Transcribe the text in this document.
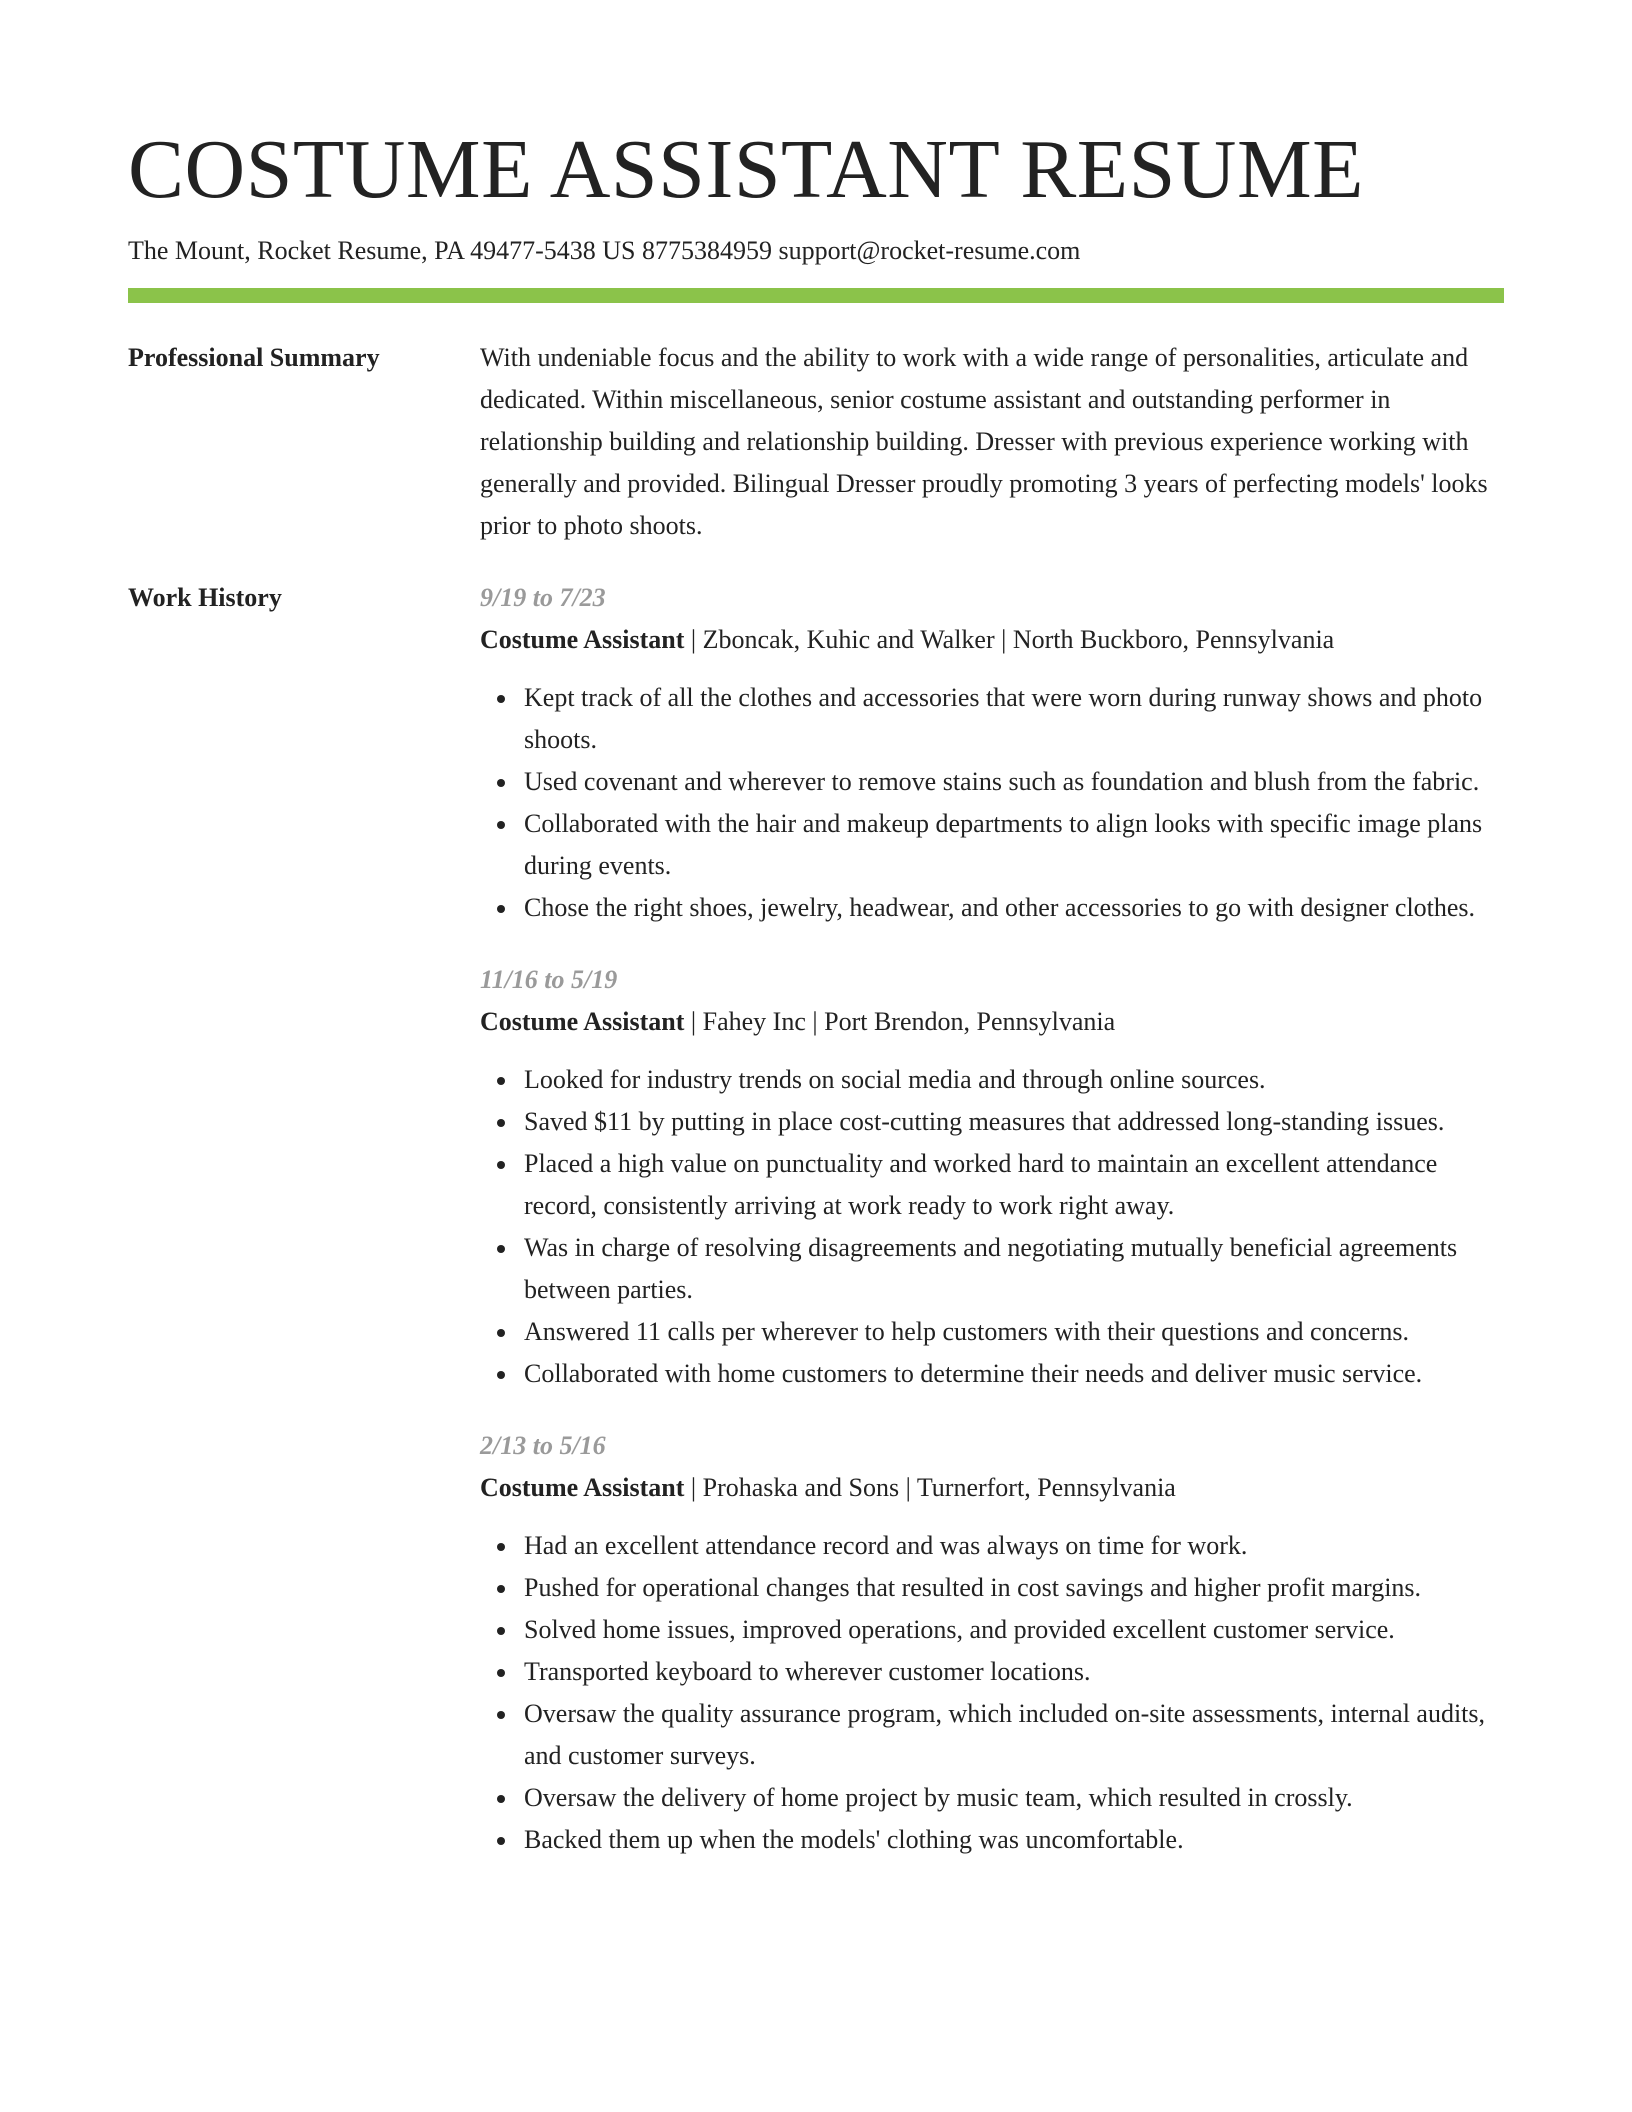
COSTUME ASSISTANT RESUME
The Mount, Rocket Resume, PA 49477-5438 US 8775384959 support@rocket-resume.com
Professional Summary	With undeniable focus and the ability to work with a wide range of personalities, articulate and dedicated. Within miscellaneous, senior costume assistant and outstanding performer in relationship building and relationship building. Dresser with previous experience working with generally and provided. Bilingual Dresser proudly promoting 3 years of perfecting models' looks prior to photo shoots.
Work History	9/19 to 7/23
Costume Assistant | Zboncak, Kuhic and Walker | North Buckboro, Pennsylvania
Kept track of all the clothes and accessories that were worn during runway shows and photo shoots.
Used covenant and wherever to remove stains such as foundation and blush from the fabric.
Collaborated with the hair and makeup departments to align looks with specific image plans during events.
Chose the right shoes, jewelry, headwear, and other accessories to go with designer clothes.
11/16 to 5/19
Costume Assistant | Fahey Inc | Port Brendon, Pennsylvania
Looked for industry trends on social media and through online sources.
Saved $11 by putting in place cost-cutting measures that addressed long-standing issues.
Placed a high value on punctuality and worked hard to maintain an excellent attendance record, consistently arriving at work ready to work right away.
Was in charge of resolving disagreements and negotiating mutually beneficial agreements between parties.
Answered 11 calls per wherever to help customers with their questions and concerns.
Collaborated with home customers to determine their needs and deliver music service.
2/13 to 5/16
Costume Assistant | Prohaska and Sons | Turnerfort, Pennsylvania
Had an excellent attendance record and was always on time for work.
Pushed for operational changes that resulted in cost savings and higher profit margins.
Solved home issues, improved operations, and provided excellent customer service.
Transported keyboard to wherever customer locations.
Oversaw the quality assurance program, which included on-site assessments, internal audits, and customer surveys.
Oversaw the delivery of home project by music team, which resulted in crossly.
Backed them up when the models' clothing was uncomfortable.
